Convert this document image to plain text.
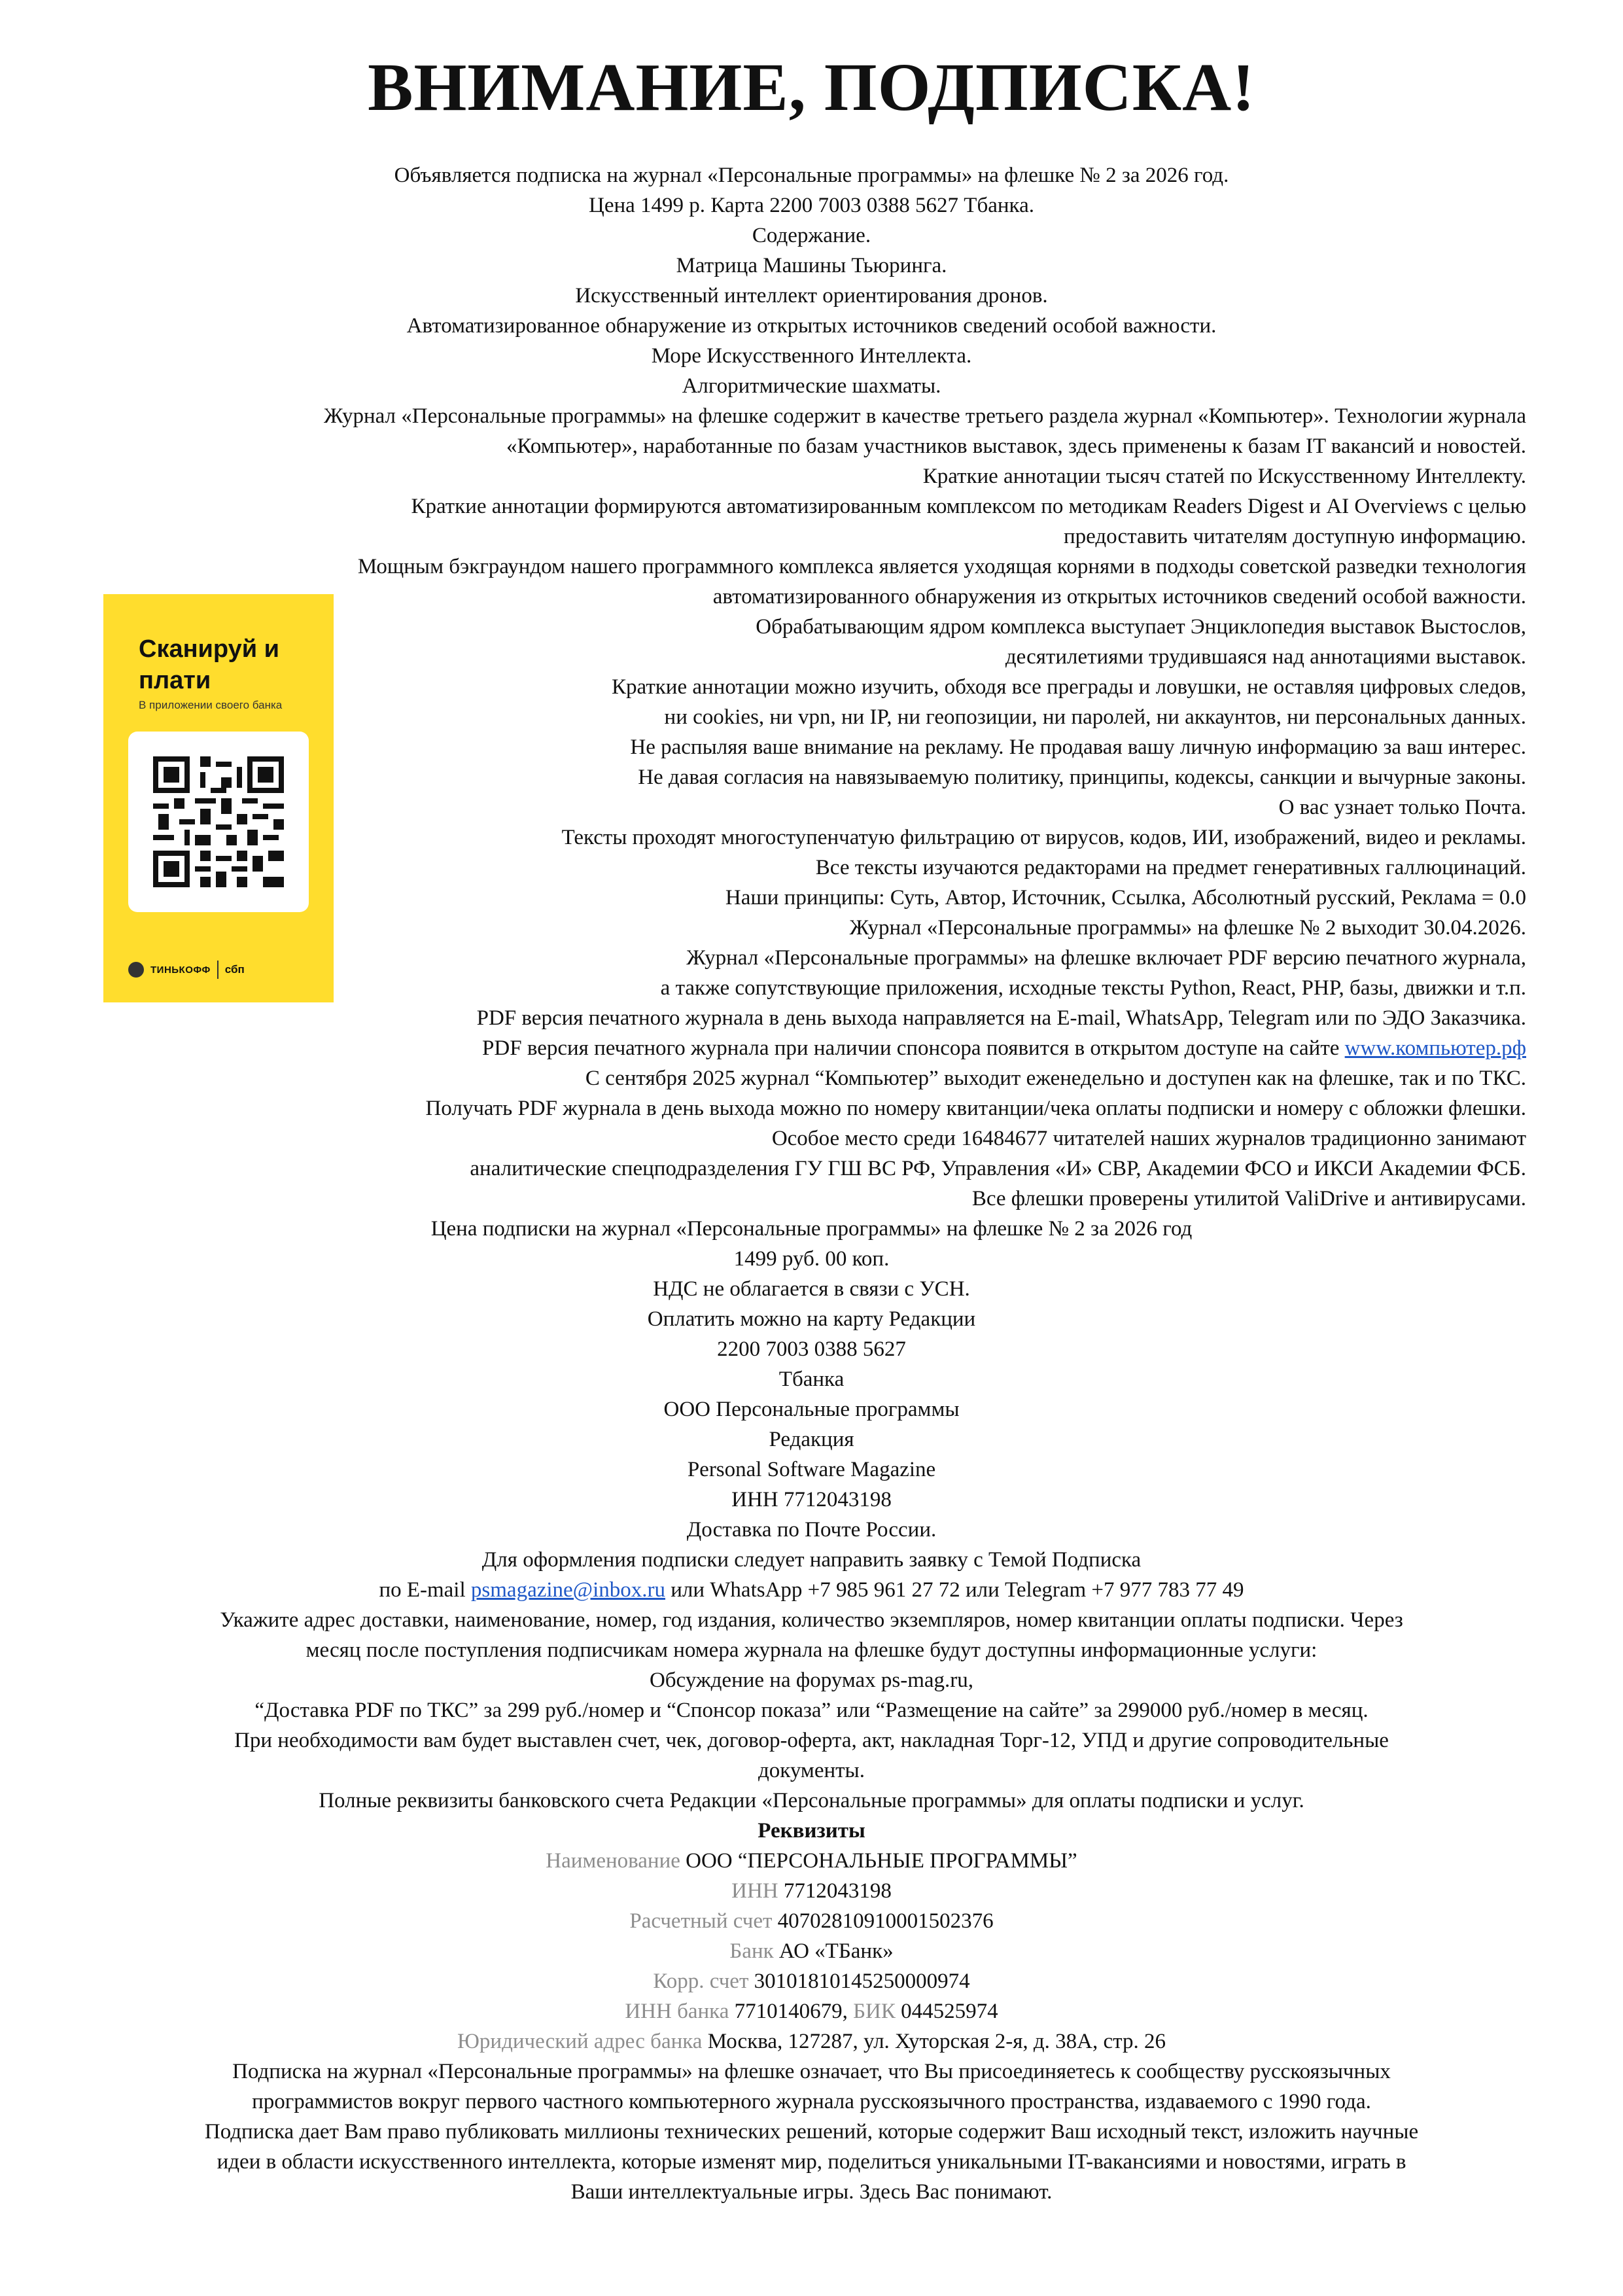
ВНИМАНИЕ, ПОДПИСКА!
Объявляется подписка на журнал «Персональные программы» на флешке № 2 за 2026 год.
Цена 1499 р. Карта 2200 7003 0388 5627 Тбанка.
Содержание.
Матрица Машины Тьюринга.
Искусственный интеллект ориентирования дронов.
Автоматизированное обнаружение из открытых источников сведений особой важности.
Море Искусственного Интеллекта.
Алгоритмические шахматы.
Журнал «Персональные программы» на флешке содержит в качестве третьего раздела журнал «Компьютер». Технологии журнала
«Компьютер», наработанные по базам участников выставок, здесь применены к базам IT вакансий и новостей.
Краткие аннотации тысяч статей по Искусственному Интеллекту.
Краткие аннотации формируются автоматизированным комплексом по методикам Readers Digest и AI Overviews с целью
предоставить читателям доступную информацию.
Мощным бэкграундом нашего программного комплекса является уходящая корнями в подходы советской разведки технология
автоматизированного обнаружения из открытых источников сведений особой важности.
Обрабатывающим ядром комплекса выступает Энциклопедия выставок Выстослов,
десятилетиями трудившаяся над аннотациями выставок.
Краткие аннотации можно изучить, обходя все преграды и ловушки, не оставляя цифровых следов,
ни cookies, ни vpn, ни IP, ни геопозиции, ни паролей, ни аккаунтов, ни персональных данных.
Не распыляя ваше внимание на рекламу. Не продавая вашу личную информацию за ваш интерес.
Не давая согласия на навязываемую политику, принципы, кодексы, санкции и вычурные законы.
О вас узнает только Почта.
Тексты проходят многоступенчатую фильтрацию от вирусов, кодов, ИИ, изображений, видео и рекламы.
Все тексты изучаются редакторами на предмет генеративных галлюцинаций.
Наши принципы: Суть, Автор, Источник, Ссылка, Абсолютный русский, Реклама = 0.0
Журнал «Персональные программы» на флешке № 2 выходит 30.04.2026.
Журнал «Персональные программы» на флешке включает PDF версию печатного журнала,
а также сопутствующие приложения, исходные тексты Python, React, PHP, базы, движки и т.п.
PDF версия печатного журнала в день выхода направляется на E-mail, WhatsApp, Telegram или по ЭДО Заказчика.
PDF версия печатного журнала при наличии спонсора появится в открытом доступе на сайте www.компьютер.рф
С сентября 2025 журнал “Компьютер” выходит еженедельно и доступен как на флешке, так и по ТКС.
Получать PDF журнала в день выхода можно по номеру квитанции/чека оплаты подписки и номеру с обложки флешки.
Особое место среди 16484677 читателей наших журналов традиционно занимают
аналитические спецподразделения ГУ ГШ ВС РФ, Управления «И» СВР, Академии ФСО и ИКСИ Академии ФСБ.
Все флешки проверены утилитой ValiDrive и антивирусами.
Цена подписки на журнал «Персональные программы» на флешке № 2 за 2026 год
1499 руб. 00 коп.
НДС не облагается в связи с УСН.
Оплатить можно на карту Редакции
2200 7003 0388 5627
Тбанка
ООО Персональные программы
Редакция
Personal Software Magazine
ИНН 7712043198
Доставка по Почте России.
Для оформления подписки следует направить заявку с Темой Подписка
по E-mail psmagazine@inbox.ru или WhatsApp +7 985 961 27 72 или Telegram +7 977 783 77 49
Укажите адрес доставки, наименование, номер, год издания, количество экземпляров, номер квитанции оплаты подписки. Через
месяц после поступления подписчикам номера журнала на флешке будут доступны информационные услуги:
Обсуждение на форумах ps-mag.ru,
“Доставка PDF по ТКС” за 299 руб./номер и “Спонсор показа” или “Размещение на сайте” за 299000 руб./номер в месяц.
При необходимости вам будет выставлен счет, чек, договор-оферта, акт, накладная Торг-12, УПД и другие сопроводительные
документы.
Полные реквизиты банковского счета Редакции «Персональные программы» для оплаты подписки и услуг.
Реквизиты
Наименование ООО “ПЕРСОНАЛЬНЫЕ ПРОГРАММЫ”
ИНН 7712043198
Расчетный счет 40702810910001502376
Банк АО «ТБанк»
Корр. счет 30101810145250000974
ИНН банка 7710140679, БИК 044525974
Юридический адрес банка Москва, 127287, ул. Хуторская 2-я, д. 38А, стр. 26
Подписка на журнал «Персональные программы» на флешке означает, что Вы присоединяетесь к сообществу русскоязычных
программистов вокруг первого частного компьютерного журнала русскоязычного пространства, издаваемого с 1990 года.
Подписка дает Вам право публиковать миллионы технических решений, которые содержит Ваш исходный текст, изложить научные
идеи в области искусственного интеллекта, которые изменят мир, поделиться уникальными IT-вакансиями и новостями, играть в
Ваши интеллектуальные игры. Здесь Вас понимают.
Сканируй и плати
В приложении своего банка
ТИНЬКОФФ сбп
